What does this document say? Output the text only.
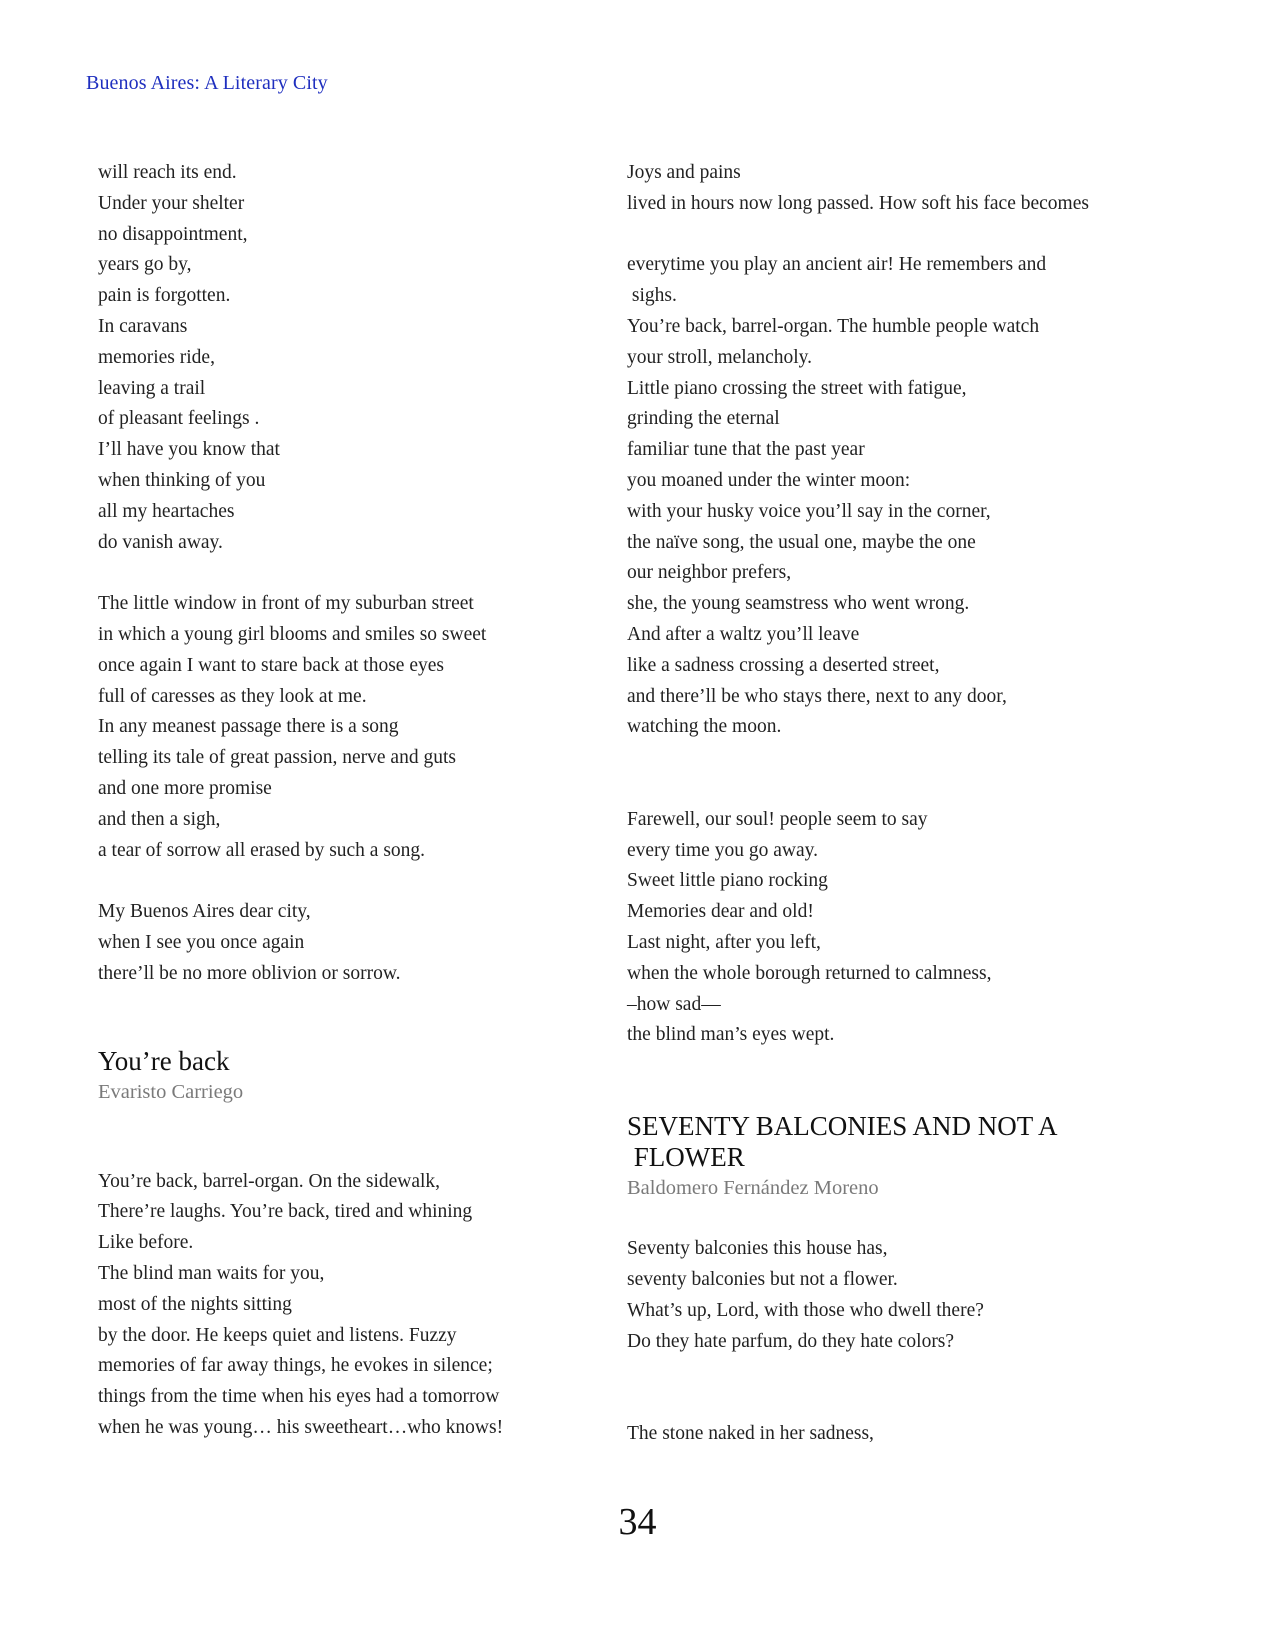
Buenos Aires: A Literary City
will reach its end.
Under your shelter
no disappointment,
years go by,
pain is forgotten.
In caravans
memories ride,
leaving a trail
of pleasant feelings .
I’ll have you know that
when thinking of you
all my heartaches
do vanish away.
The little window in front of my suburban street
in which a young girl blooms and smiles so sweet
once again I want to stare back at those eyes
full of caresses as they look at me.
In any meanest passage there is a song
telling its tale of great passion, nerve and guts
and one more promise
and then a sigh,
a tear of sorrow all erased by such a song.
My Buenos Aires dear city,
when I see you once again
there’ll be no more oblivion or sorrow.
You’re back
Evaristo Carriego
You’re back, barrel-organ. On the sidewalk,
There’re laughs. You’re back, tired and whining
Like before.
The blind man waits for you,
most of the nights sitting
by the door. He keeps quiet and listens. Fuzzy
memories of far away things, he evokes in silence;
things from the time when his eyes had a tomorrow
when he was young… his sweetheart…who knows!
Joys and pains
lived in hours now long passed. How soft his face becomes
everytime you play an ancient air! He remembers and
sighs.
You’re back, barrel-organ. The humble people watch
your stroll, melancholy.
Little piano crossing the street with fatigue,
grinding the eternal
familiar tune that the past year
you moaned under the winter moon:
with your husky voice you’ll say in the corner,
the naïve song, the usual one, maybe the one
our neighbor prefers,
she, the young seamstress who went wrong.
And after a waltz you’ll leave
like a sadness crossing a deserted street,
and there’ll be who stays there, next to any door,
watching the moon.
Farewell, our soul! people seem to say
every time you go away.
Sweet little piano rocking
Memories dear and old!
Last night, after you left,
when the whole borough returned to calmness,
–how sad—
the blind man’s eyes wept.
SEVENTY BALCONIES AND NOT A
FLOWER
Baldomero Fernández Moreno
Seventy balconies this house has,
seventy balconies but not a flower.
What’s up, Lord, with those who dwell there?
Do they hate parfum, do they hate colors?
The stone naked in her sadness,
34
